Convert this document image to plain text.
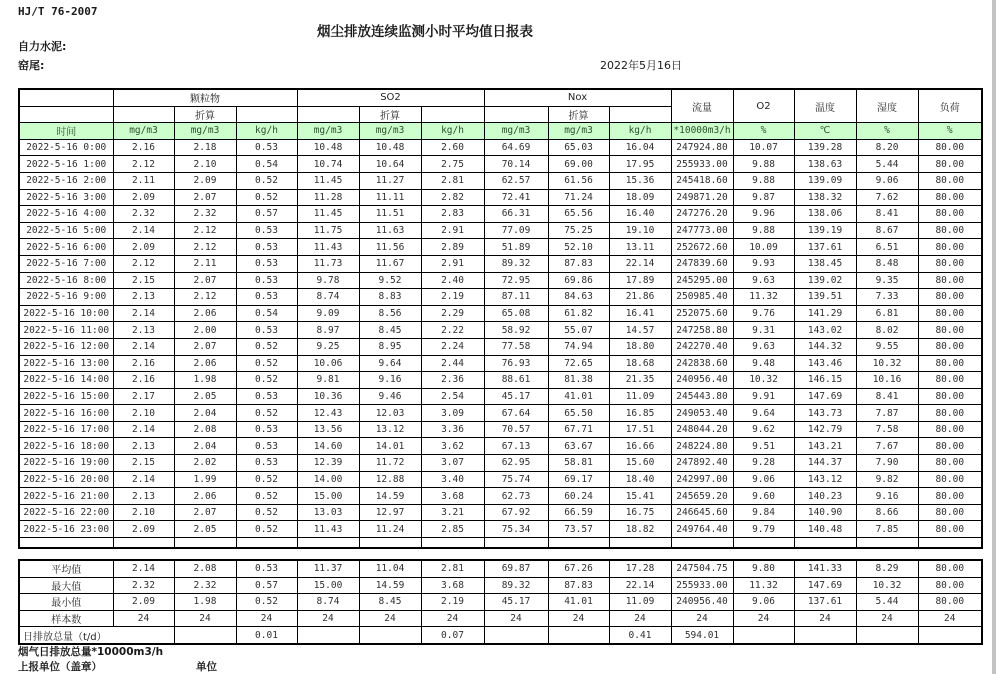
HJ/T 76-2007
烟尘排放连续监测小时平均值日报表
自力水泥:
窑尾:	2022年5月16日
	颗粒物			SO2			Nox			流量	O2	温度	湿度	负荷
		折算			折算			折算						
时间	mg/m3	mg/m3	kg/h	mg/m3	mg/m3	kg/h	mg/m3	mg/m3	kg/h	*10000m3/h	%	℃	%	%
2022-5-16 0:00	2.16	2.18	0.53	10.48	10.48	2.60	64.69	65.03	16.04	247924.80	10.07	139.28	8.20	80.00
2022-5-16 1:00	2.12	2.10	0.54	10.74	10.64	2.75	70.14	69.00	17.95	255933.00	9.88	138.63	5.44	80.00
2022-5-16 2:00	2.11	2.09	0.52	11.45	11.27	2.81	62.57	61.56	15.36	245418.60	9.88	139.09	9.06	80.00
2022-5-16 3:00	2.09	2.07	0.52	11.28	11.11	2.82	72.41	71.24	18.09	249871.20	9.87	138.32	7.62	80.00
2022-5-16 4:00	2.32	2.32	0.57	11.45	11.51	2.83	66.31	65.56	16.40	247276.20	9.96	138.06	8.41	80.00
2022-5-16 5:00	2.14	2.12	0.53	11.75	11.63	2.91	77.09	75.25	19.10	247773.00	9.88	139.19	8.67	80.00
2022-5-16 6:00	2.09	2.12	0.53	11.43	11.56	2.89	51.89	52.10	13.11	252672.60	10.09	137.61	6.51	80.00
2022-5-16 7:00	2.12	2.11	0.53	11.73	11.67	2.91	89.32	87.83	22.14	247839.60	9.93	138.45	8.48	80.00
2022-5-16 8:00	2.15	2.07	0.53	9.78	9.52	2.40	72.95	69.86	17.89	245295.00	9.63	139.02	9.35	80.00
2022-5-16 9:00	2.13	2.12	0.53	8.74	8.83	2.19	87.11	84.63	21.86	250985.40	11.32	139.51	7.33	80.00
2022-5-16 10:00	2.14	2.06	0.54	9.09	8.56	2.29	65.08	61.82	16.41	252075.60	9.76	141.29	6.81	80.00
2022-5-16 11:00	2.13	2.00	0.53	8.97	8.45	2.22	58.92	55.07	14.57	247258.80	9.31	143.02	8.02	80.00
2022-5-16 12:00	2.14	2.07	0.52	9.25	8.95	2.24	77.58	74.94	18.80	242270.40	9.63	144.32	9.55	80.00
2022-5-16 13:00	2.16	2.06	0.52	10.06	9.64	2.44	76.93	72.65	18.68	242838.60	9.48	143.46	10.32	80.00
2022-5-16 14:00	2.16	1.98	0.52	9.81	9.16	2.36	88.61	81.38	21.35	240956.40	10.32	146.15	10.16	80.00
2022-5-16 15:00	2.17	2.05	0.53	10.36	9.46	2.54	45.17	41.01	11.09	245443.80	9.91	147.69	8.41	80.00
2022-5-16 16:00	2.10	2.04	0.52	12.43	12.03	3.09	67.64	65.50	16.85	249053.40	9.64	143.73	7.87	80.00
2022-5-16 17:00	2.14	2.08	0.53	13.56	13.12	3.36	70.57	67.71	17.51	248044.20	9.62	142.79	7.58	80.00
2022-5-16 18:00	2.13	2.04	0.53	14.60	14.01	3.62	67.13	63.67	16.66	248224.80	9.51	143.21	7.67	80.00
2022-5-16 19:00	2.15	2.02	0.53	12.39	11.72	3.07	62.95	58.81	15.60	247892.40	9.28	144.37	7.90	80.00
2022-5-16 20:00	2.14	1.99	0.52	14.00	12.88	3.40	75.74	69.17	18.40	242997.00	9.06	143.12	9.82	80.00
2022-5-16 21:00	2.13	2.06	0.52	15.00	14.59	3.68	62.73	60.24	15.41	245659.20	9.60	140.23	9.16	80.00
2022-5-16 22:00	2.10	2.07	0.52	13.03	12.97	3.21	67.92	66.59	16.75	246645.60	9.84	140.90	8.66	80.00
2022-5-16 23:00	2.09	2.05	0.52	11.43	11.24	2.85	75.34	73.57	18.82	249764.40	9.79	140.48	7.85	80.00

平均值	2.14	2.08	0.53	11.37	11.04	2.81	69.87	67.26	17.28	247504.75	9.80	141.33	8.29	80.00
最大值	2.32	2.32	0.57	15.00	14.59	3.68	89.32	87.83	22.14	255933.00	11.32	147.69	10.32	80.00
最小值	2.09	1.98	0.52	8.74	8.45	2.19	45.17	41.01	11.09	240956.40	9.06	137.61	5.44	80.00
样本数	24	24	24	24	24	24	24	24	24	24	24	24	24	24
日排放总量（t/d）			0.01			0.07			0.41	594.01				
烟气日排放总量*10000m3/h
上报单位（盖章）	单位
